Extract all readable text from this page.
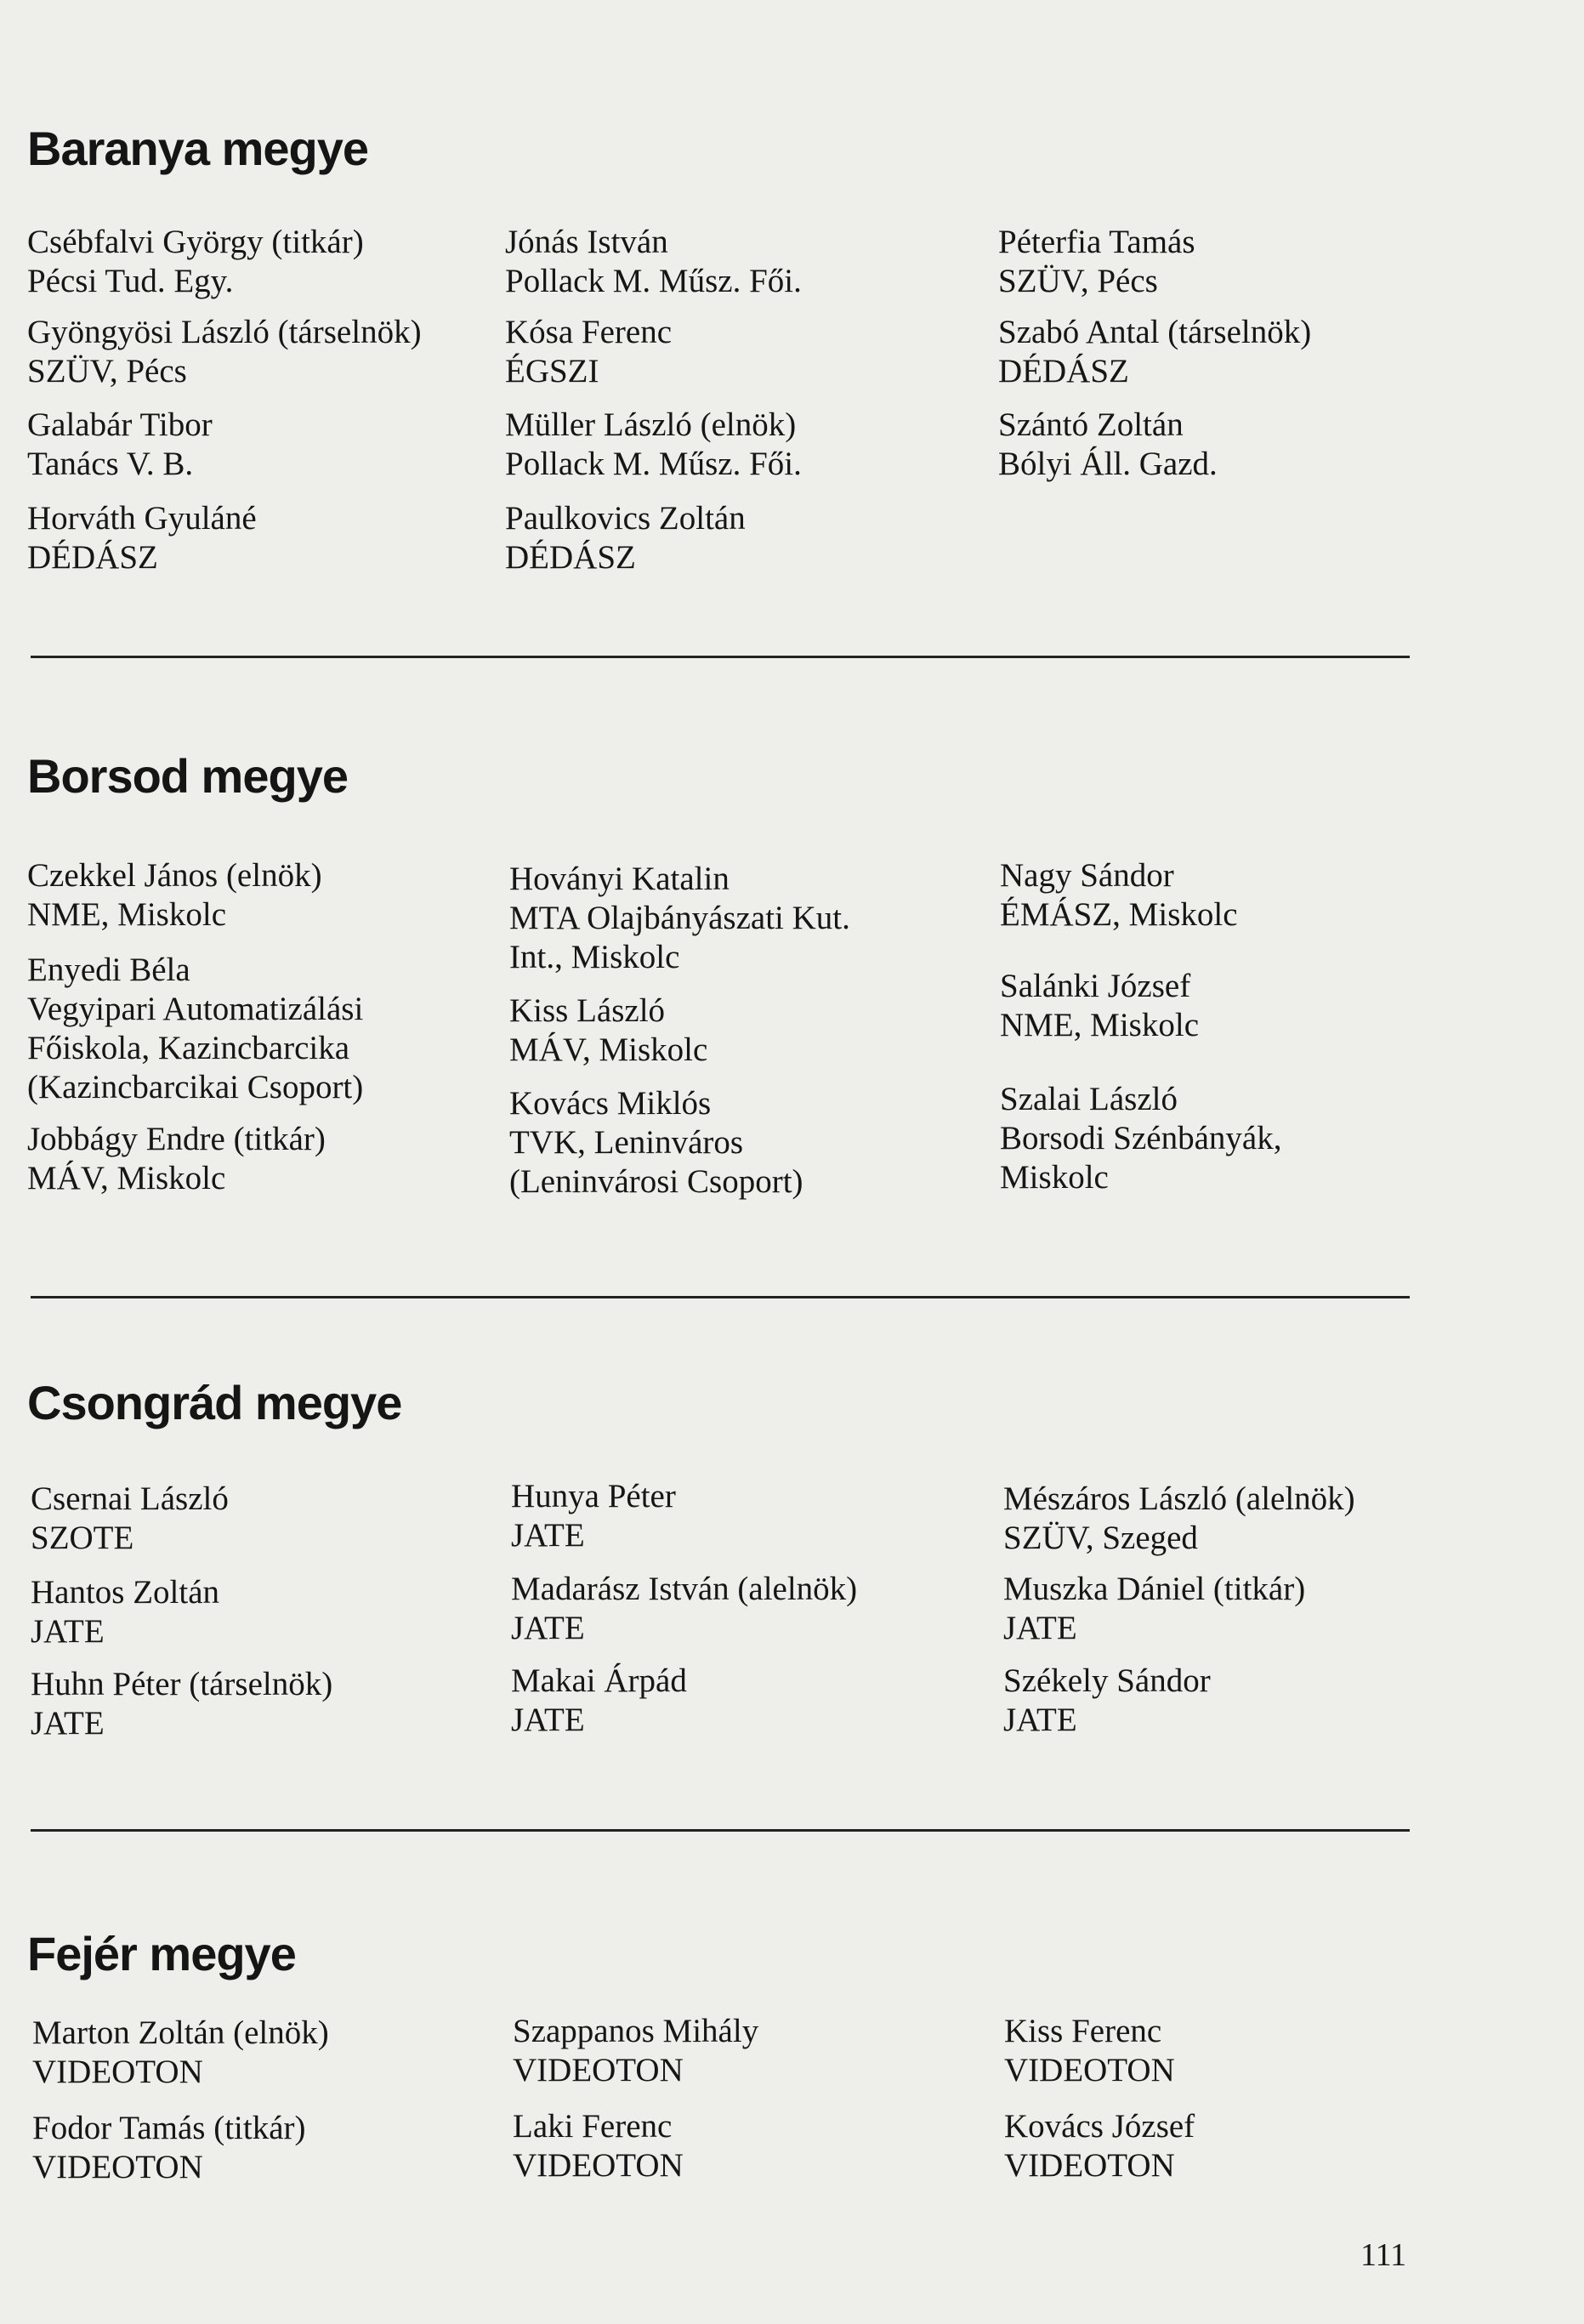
Baranya megye
Csébfalvi György (titkár)
Pécsi Tud. Egy.
Gyöngyösi László (társelnök)
SZÜV, Pécs
Galabár Tibor
Tanács V. B.
Horváth Gyuláné
DÉDÁSZ
Jónás István
Pollack M. Műsz. Fői.
Kósa Ferenc
ÉGSZI
Müller László (elnök)
Pollack M. Műsz. Fői.
Paulkovics Zoltán
DÉDÁSZ
Péterfia Tamás
SZÜV, Pécs
Szabó Antal (társelnök)
DÉDÁSZ
Szántó Zoltán
Bólyi Áll. Gazd.
Borsod megye
Czekkel János (elnök)
NME, Miskolc
Enyedi Béla
Vegyipari Automatizálási
Főiskola, Kazincbarcika
(Kazincbarcikai Csoport)
Jobbágy Endre (titkár)
MÁV, Miskolc
Hoványi Katalin
MTA Olajbányászati Kut.
Int., Miskolc
Kiss László
MÁV, Miskolc
Kovács Miklós
TVK, Leninváros
(Leninvárosi Csoport)
Nagy Sándor
ÉMÁSZ, Miskolc
Salánki József
NME, Miskolc
Szalai László
Borsodi Szénbányák,
Miskolc
Csongrád megye
Csernai László
SZOTE
Hantos Zoltán
JATE
Huhn Péter (társelnök)
JATE
Hunya Péter
JATE
Madarász István (alelnök)
JATE
Makai Árpád
JATE
Mészáros László (alelnök)
SZÜV, Szeged
Muszka Dániel (titkár)
JATE
Székely Sándor
JATE
Fejér megye
Marton Zoltán (elnök)
VIDEOTON
Fodor Tamás (titkár)
VIDEOTON
Szappanos Mihály
VIDEOTON
Laki Ferenc
VIDEOTON
Kiss Ferenc
VIDEOTON
Kovács József
VIDEOTON
111
